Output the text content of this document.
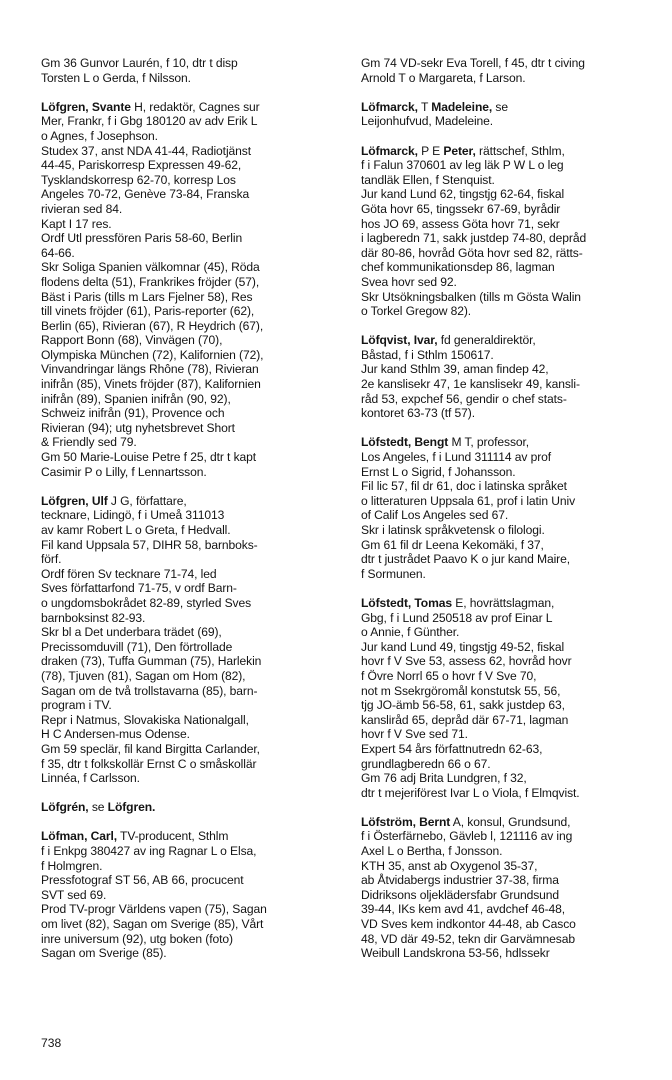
Gm 36 Gunvor Laurén, f 10, dtr t disp
Torsten L o Gerda, f Nilsson.
Löfgren, Svante H, redaktör, Cagnes sur
Mer, Frankr, f i Gbg 180120 av adv Erik L
o Agnes, f Josephson.
Studex 37, anst NDA 41-44, Radiotjänst
44-45, Pariskorresp Expressen 49-62,
Tysklandskorresp 62-70, korresp Los
Angeles 70-72, Genève 73-84, Franska
rivieran sed 84.
Kapt I 17 res.
Ordf Utl pressfören Paris 58-60, Berlin
64-66.
Skr Soliga Spanien välkomnar (45), Röda
flodens delta (51), Frankrikes fröjder (57),
Bäst i Paris (tills m Lars Fjelner 58), Res
till vinets fröjder (61), Paris-reporter (62),
Berlin (65), Rivieran (67), R Heydrich (67),
Rapport Bonn (68), Vinvägen (70),
Olympiska München (72), Kalifornien (72),
Vinvandringar längs Rhône (78), Rivieran
inifrån (85), Vinets fröjder (87), Kalifornien
inifrån (89), Spanien inifrån (90, 92),
Schweiz inifrån (91), Provence och
Rivieran (94); utg nyhetsbrevet Short
& Friendly sed 79.
Gm 50 Marie-Louise Petre f 25, dtr t kapt
Casimir P o Lilly, f Lennartsson.
Löfgren, Ulf J G, författare,
tecknare, Lidingö, f i Umeå 311013
av kamr Robert L o Greta, f Hedvall.
Fil kand Uppsala 57, DIHR 58, barnboks-
förf.
Ordf fören Sv tecknare 71-74, led
Sves författarfond 71-75, v ordf Barn-
o ungdomsbokrådet 82-89, styrled Sves
barnboksinst 82-93.
Skr bl a Det underbara trädet (69),
Precissomduvill (71), Den förtrollade
draken (73), Tuffa Gumman (75), Harlekin
(78), Tjuven (81), Sagan om Hom (82),
Sagan om de två trollstavarna (85), barn-
program i TV.
Repr i Natmus, Slovakiska Nationalgall,
H C Andersen-mus Odense.
Gm 59 speclär, fil kand Birgitta Carlander,
f 35, dtr t folkskollär Ernst C o småskollär
Linnéa, f Carlsson.
Löfgrén, se Löfgren.
Löfman, Carl, TV-producent, Sthlm
f i Enkpg 380427 av ing Ragnar L o Elsa,
f Holmgren.
Pressfotograf ST 56, AB 66, procucent
SVT sed 69.
Prod TV-progr Världens vapen (75), Sagan
om livet (82), Sagan om Sverige (85), Vårt
inre universum (92), utg boken (foto)
Sagan om Sverige (85).
Gm 74 VD-sekr Eva Torell, f 45, dtr t civing
Arnold T o Margareta, f Larson.
Löfmarck, T Madeleine, se
Leijonhufvud, Madeleine.
Löfmarck, P E Peter, rättschef, Sthlm,
f i Falun 370601 av leg läk P W L o leg
tandläk Ellen, f Stenquist.
Jur kand Lund 62, tingstjg 62-64, fiskal
Göta hovr 65, tingssekr 67-69, byrådir
hos JO 69, assess Göta hovr 71, sekr
i lagberedn 71, sakk justdep 74-80, depråd
där 80-86, hovråd Göta hovr sed 82, rätts-
chef kommunikationsdep 86, lagman
Svea hovr sed 92.
Skr Utsökningsbalken (tills m Gösta Walin
o Torkel Gregow 82).
Löfqvist, Ivar, fd generaldirektör,
Båstad, f i Sthlm 150617.
Jur kand Sthlm 39, aman findep 42,
2e kanslisekr 47, 1e kanslisekr 49, kansli-
råd 53, expchef 56, gendir o chef stats-
kontoret 63-73 (tf 57).
Löfstedt, Bengt M T, professor,
Los Angeles, f i Lund 311114 av prof
Ernst L o Sigrid, f Johansson.
Fil lic 57, fil dr 61, doc i latinska språket
o litteraturen Uppsala 61, prof i latin Univ
of Calif Los Angeles sed 67.
Skr i latinsk språkvetensk o filologi.
Gm 61 fil dr Leena Kekomäki, f 37,
dtr t justrådet Paavo K o jur kand Maire,
f Sormunen.
Löfstedt, Tomas E, hovrättslagman,
Gbg, f i Lund 250518 av prof Einar L
o Annie, f Günther.
Jur kand Lund 49, tingstjg 49-52, fiskal
hovr f V Sve 53, assess 62, hovråd hovr
f Övre Norrl 65 o hovr f V Sve 70,
not m Ssekrgöromål konstutsk 55, 56,
tjg JO-ämb 56-58, 61, sakk justdep 63,
kanslіråd 65, depråd där 67-71, lagman
hovr f V Sve sed 71.
Expert 54 års författnutredn 62-63,
grundlagberedn 66 o 67.
Gm 76 adj Brita Lundgren, f 32,
dtr t mejeriförest Ivar L o Viola, f Elmqvist.
Löfström, Bernt A, konsul, Grundsund,
f i Österfärnebo, Gävleb l, 121116 av ing
Axel L o Bertha, f Jonsson.
KTH 35, anst ab Oxygenol 35-37,
ab Åtvidabergs industrier 37-38, firma
Didriksons oljeklädersfabr Grundsund
39-44, IKs kem avd 41, avdchef 46-48,
VD Sves kem indkontor 44-48, ab Casco
48, VD där 49-52, tekn dir Garvämnesab
Weibull Landskrona 53-56, hdlssekr
738
